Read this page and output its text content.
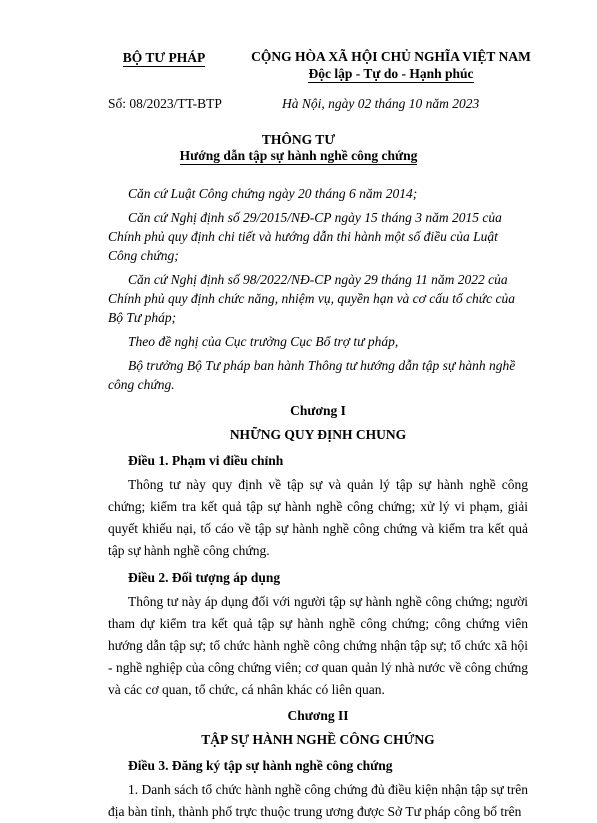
BỘ TƯ PHÁP	CỘNG HÒA XÃ HỘI CHỦ NGHĨA VIỆT NAM
Độc lập - Tự do - Hạnh phúc
Số: 08/2023/TT-BTP	Hà Nội, ngày 02 tháng 10 năm 2023
THÔNG TƯ
Hướng dẫn tập sự hành nghề công chứng

Căn cứ Luật Công chứng ngày 20 tháng 6 năm 2014;

Căn cứ Nghị định số 29/2015/NĐ-CP ngày 15 tháng 3 năm 2015 của Chính phủ quy định chi tiết và hướng dẫn thi hành một số điều của Luật Công chứng;

Căn cứ Nghị định số 98/2022/NĐ-CP ngày 29 tháng 11 năm 2022 của Chính phủ quy định chức năng, nhiệm vụ, quyền hạn và cơ cấu tổ chức của Bộ Tư pháp;

Theo đề nghị của Cục trưởng Cục Bổ trợ tư pháp,

Bộ trưởng Bộ Tư pháp ban hành Thông tư hướng dẫn tập sự hành nghề công chứng.

Chương I

NHỮNG QUY ĐỊNH CHUNG

Điều 1. Phạm vi điều chỉnh

Thông tư này quy định về tập sự và quản lý tập sự hành nghề công chứng; kiểm tra kết quả tập sự hành nghề công chứng; xử lý vi phạm, giải quyết khiếu nại, tố cáo về tập sự hành nghề công chứng và kiểm tra kết quả tập sự hành nghề công chứng.

Điều 2. Đối tượng áp dụng

Thông tư này áp dụng đối với người tập sự hành nghề công chứng; người tham dự kiểm tra kết quả tập sự hành nghề công chứng; công chứng viên hướng dẫn tập sự; tổ chức hành nghề công chứng nhận tập sự; tổ chức xã hội - nghề nghiệp của công chứng viên; cơ quan quản lý nhà nước về công chứng và các cơ quan, tổ chức, cá nhân khác có liên quan.

Chương II

TẬP SỰ HÀNH NGHỀ CÔNG CHỨNG

Điều 3. Đăng ký tập sự hành nghề công chứng

1. Danh sách tổ chức hành nghề công chứng đủ điều kiện nhận tập sự trên địa bàn tỉnh, thành phố trực thuộc trung ương được Sở Tư pháp công bố trên
